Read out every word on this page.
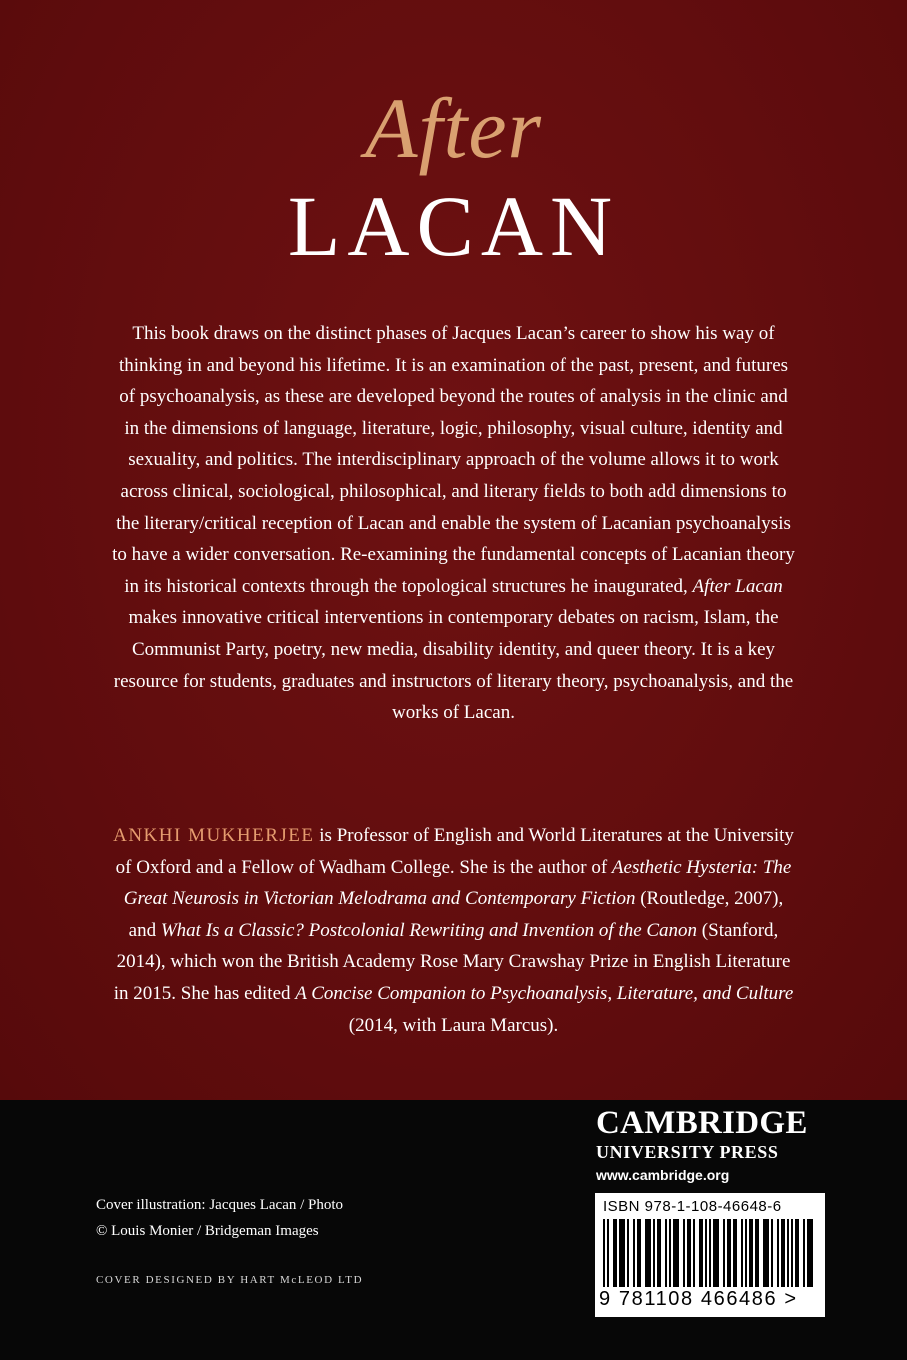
After
LACAN

This book draws on the distinct phases of Jacques Lacan’s career to show his way of thinking in and beyond his lifetime. It is an examination of the past, present, and futures of psychoanalysis, as these are developed beyond the routes of analysis in the clinic and in the dimensions of language, literature, logic, philosophy, visual culture, identity and sexuality, and politics. The interdisciplinary approach of the volume allows it to work across clinical, sociological, philosophical, and literary fields to both add dimensions to the literary/critical reception of Lacan and enable the system of Lacanian psychoanalysis to have a wider conversation. Re-examining the fundamental concepts of Lacanian theory in its historical contexts through the topological structures he inaugurated, After Lacan makes innovative critical interventions in contemporary debates on racism, Islam, the Communist Party, poetry, new media, disability identity, and queer theory. It is a key resource for students, graduates and instructors of literary theory, psychoanalysis, and the works of Lacan.

ANKHI MUKHERJEE is Professor of English and World Literatures at the University of Oxford and a Fellow of Wadham College. She is the author of Aesthetic Hysteria: The Great Neurosis in Victorian Melodrama and Contemporary Fiction (Routledge, 2007), and What Is a Classic? Postcolonial Rewriting and Invention of the Canon (Stanford, 2014), which won the British Academy Rose Mary Crawshay Prize in English Literature in 2015. She has edited A Concise Companion to Psychoanalysis, Literature, and Culture (2014, with Laura Marcus).

Cover illustration: Jacques Lacan / Photo
© Louis Monier / Bridgeman Images
COVER DESIGNED BY HART McLEOD LTD
CAMBRIDGE
UNIVERSITY PRESS
www.cambridge.org
ISBN 978-1-108-46648-6
9 781108 466486 >
